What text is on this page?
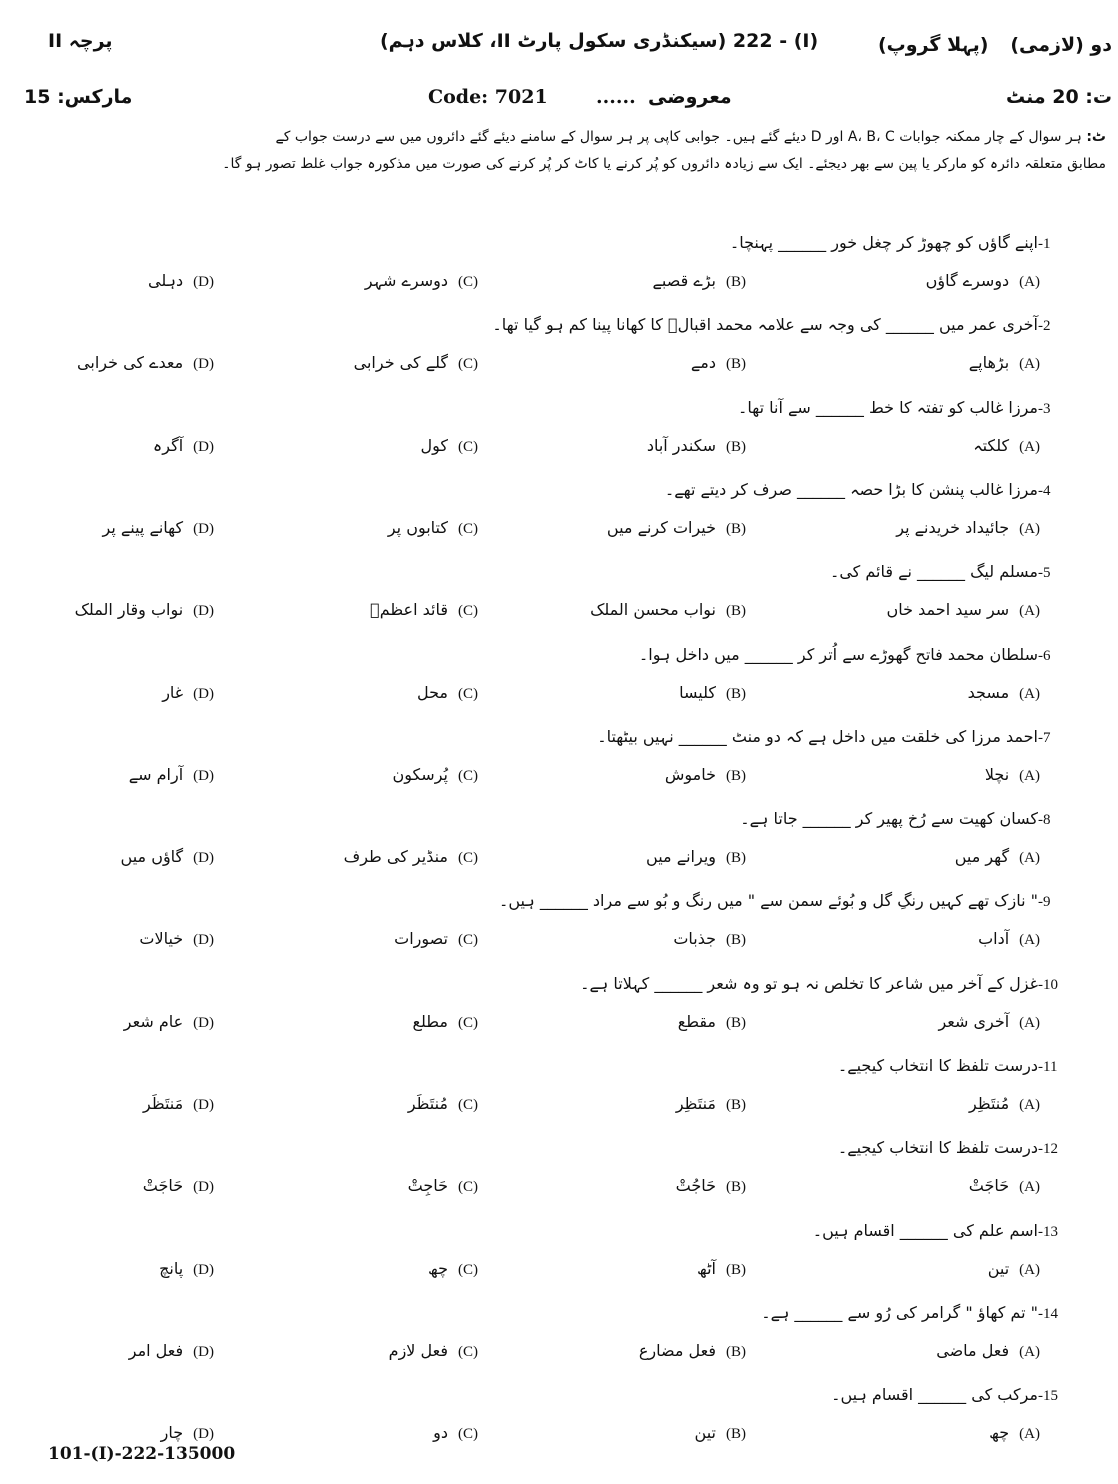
پرچہ II	(I) - 222 (سیکنڈری سکول پارٹ II، کلاس دہم)	(پہلا گروپ) دو (لازمی)
مارکس: 15	Code: 7021	...... معروضی	ت: 20 منٹ
ٹ: ہر سوال کے چار ممکنہ جوابات A، B، C اور D دیئے گئے ہیں۔ جوابی کاپی پر ہر سوال کے سامنے دیئے گئے دائروں میں سے درست جواب کے
مطابق متعلقہ دائرہ کو مارکر یا پین سے بھر دیجئے۔ ایک سے زیادہ دائروں کو پُر کرنے یا کاٹ کر پُر کرنے کی صورت میں مذکورہ جواب غلط تصور ہو گا۔
-1اپنے گاؤں کو چھوڑ کر چغل خور ______ پہنچا۔
(A)دوسرے گاؤں
(B)بڑے قصبے
(C)دوسرے شہر
(D)دہلی
-2آخری عمر میں ______ کی وجہ سے علامہ محمد اقبالؒ کا کھانا پینا کم ہو گیا تھا۔
(A)بڑھاپے
(B)دمے
(C)گلے کی خرابی
(D)معدے کی خرابی
-3مرزا غالب کو تفتہ کا خط ______ سے آنا تھا۔
(A)کلکتہ
(B)سکندر آباد
(C)کول
(D)آگرہ
-4مرزا غالب پنشن کا بڑا حصہ ______ صرف کر دیتے تھے۔
(A)جائیداد خریدنے پر
(B)خیرات کرنے میں
(C)کتابوں پر
(D)کھانے پینے پر
-5مسلم لیگ ______ نے قائم کی۔
(A)سر سید احمد خاں
(B)نواب محسن الملک
(C)قائد اعظمؒ
(D)نواب وقار الملک
-6سلطان محمد فاتح گھوڑے سے اُتر کر ______ میں داخل ہوا۔
(A)مسجد
(B)کلیسا
(C)محل
(D)غار
-7احمد مرزا کی خلقت میں داخل ہے کہ دو منٹ ______ نہیں بیٹھتا۔
(A)نچلا
(B)خاموش
(C)پُرسکون
(D)آرام سے
-8کسان کھیت سے رُخ پھیر کر ______ جاتا ہے۔
(A)گھر میں
(B)ویرانے میں
(C)منڈیر کی طرف
(D)گاؤں میں
-9" نازک تھے کہیں رنگِ گل و بُوئے سمن سے " میں رنگ و بُو سے مراد ______ ہیں۔
(A)آداب
(B)جذبات
(C)تصورات
(D)خیالات
-10غزل کے آخر میں شاعر کا تخلص نہ ہو تو وہ شعر ______ کہلاتا ہے۔
(A)آخری شعر
(B)مقطع
(C)مطلع
(D)عام شعر
-11درست تلفظ کا انتخاب کیجیے۔
(A)مُنتَظِر
(B)مَنتَظِر
(C)مُنتَظَر
(D)مَنتَظَر
-12درست تلفظ کا انتخاب کیجیے۔
(A)حَاجَتْ
(B)حَاجُتْ
(C)حَاجِتْ
(D)حَاجَتْ
-13اسم علم کی ______ اقسام ہیں۔
(A)تین
(B)آٹھ
(C)چھ
(D)پانچ
-14" تم کھاؤ " گرامر کی رُو سے ______ ہے۔
(A)فعل ماضی
(B)فعل مضارع
(C)فعل لازم
(D)فعل امر
-15مرکب کی ______ اقسام ہیں۔
(A)چھ
(B)تین
(C)دو
(D)چار
101-(I)-222-135000
